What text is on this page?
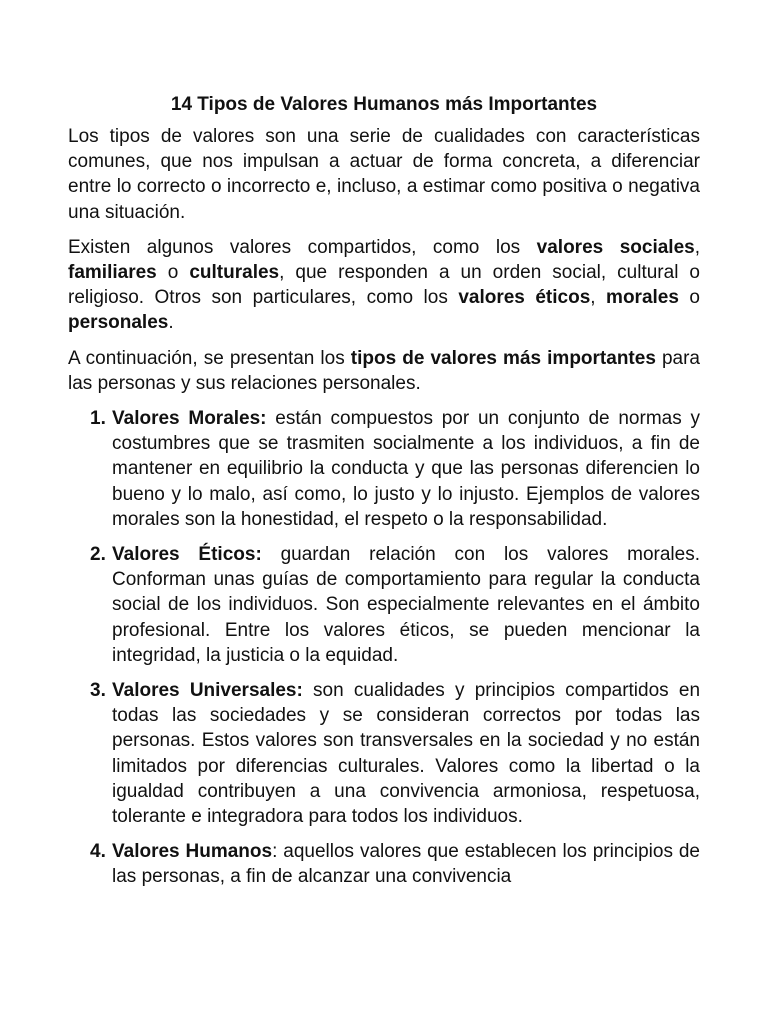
14 Tipos de Valores Humanos más Importantes

Los tipos de valores son una serie de cualidades con características comunes, que nos impulsan a actuar de forma concreta, a diferenciar entre lo correcto o incorrecto e, incluso, a estimar como positiva o negativa una situación.

Existen algunos valores compartidos, como los valores sociales, familiares o culturales, que responden a un orden social, cultural o religioso. Otros son particulares, como los valores éticos, morales o personales.

A continuación, se presentan los tipos de valores más importantes para las personas y sus relaciones personales.

1. Valores Morales: están compuestos por un conjunto de normas y costumbres que se trasmiten socialmente a los individuos, a fin de mantener en equilibrio la conducta y que las personas diferencien lo bueno y lo malo, así como, lo justo y lo injusto. Ejemplos de valores morales son la honestidad, el respeto o la responsabilidad.
2. Valores Éticos: guardan relación con los valores morales. Conforman unas guías de comportamiento para regular la conducta social de los individuos. Son especialmente relevantes en el ámbito profesional. Entre los valores éticos, se pueden mencionar la integridad, la justicia o la equidad.
3. Valores Universales: son cualidades y principios compartidos en todas las sociedades y se consideran correctos por todas las personas. Estos valores son transversales en la sociedad y no están limitados por diferencias culturales. Valores como la libertad o la igualdad contribuyen a una convivencia armoniosa, respetuosa, tolerante e integradora para todos los individuos.
4. Valores Humanos: aquellos valores que establecen los principios de las personas, a fin de alcanzar una convivencia
